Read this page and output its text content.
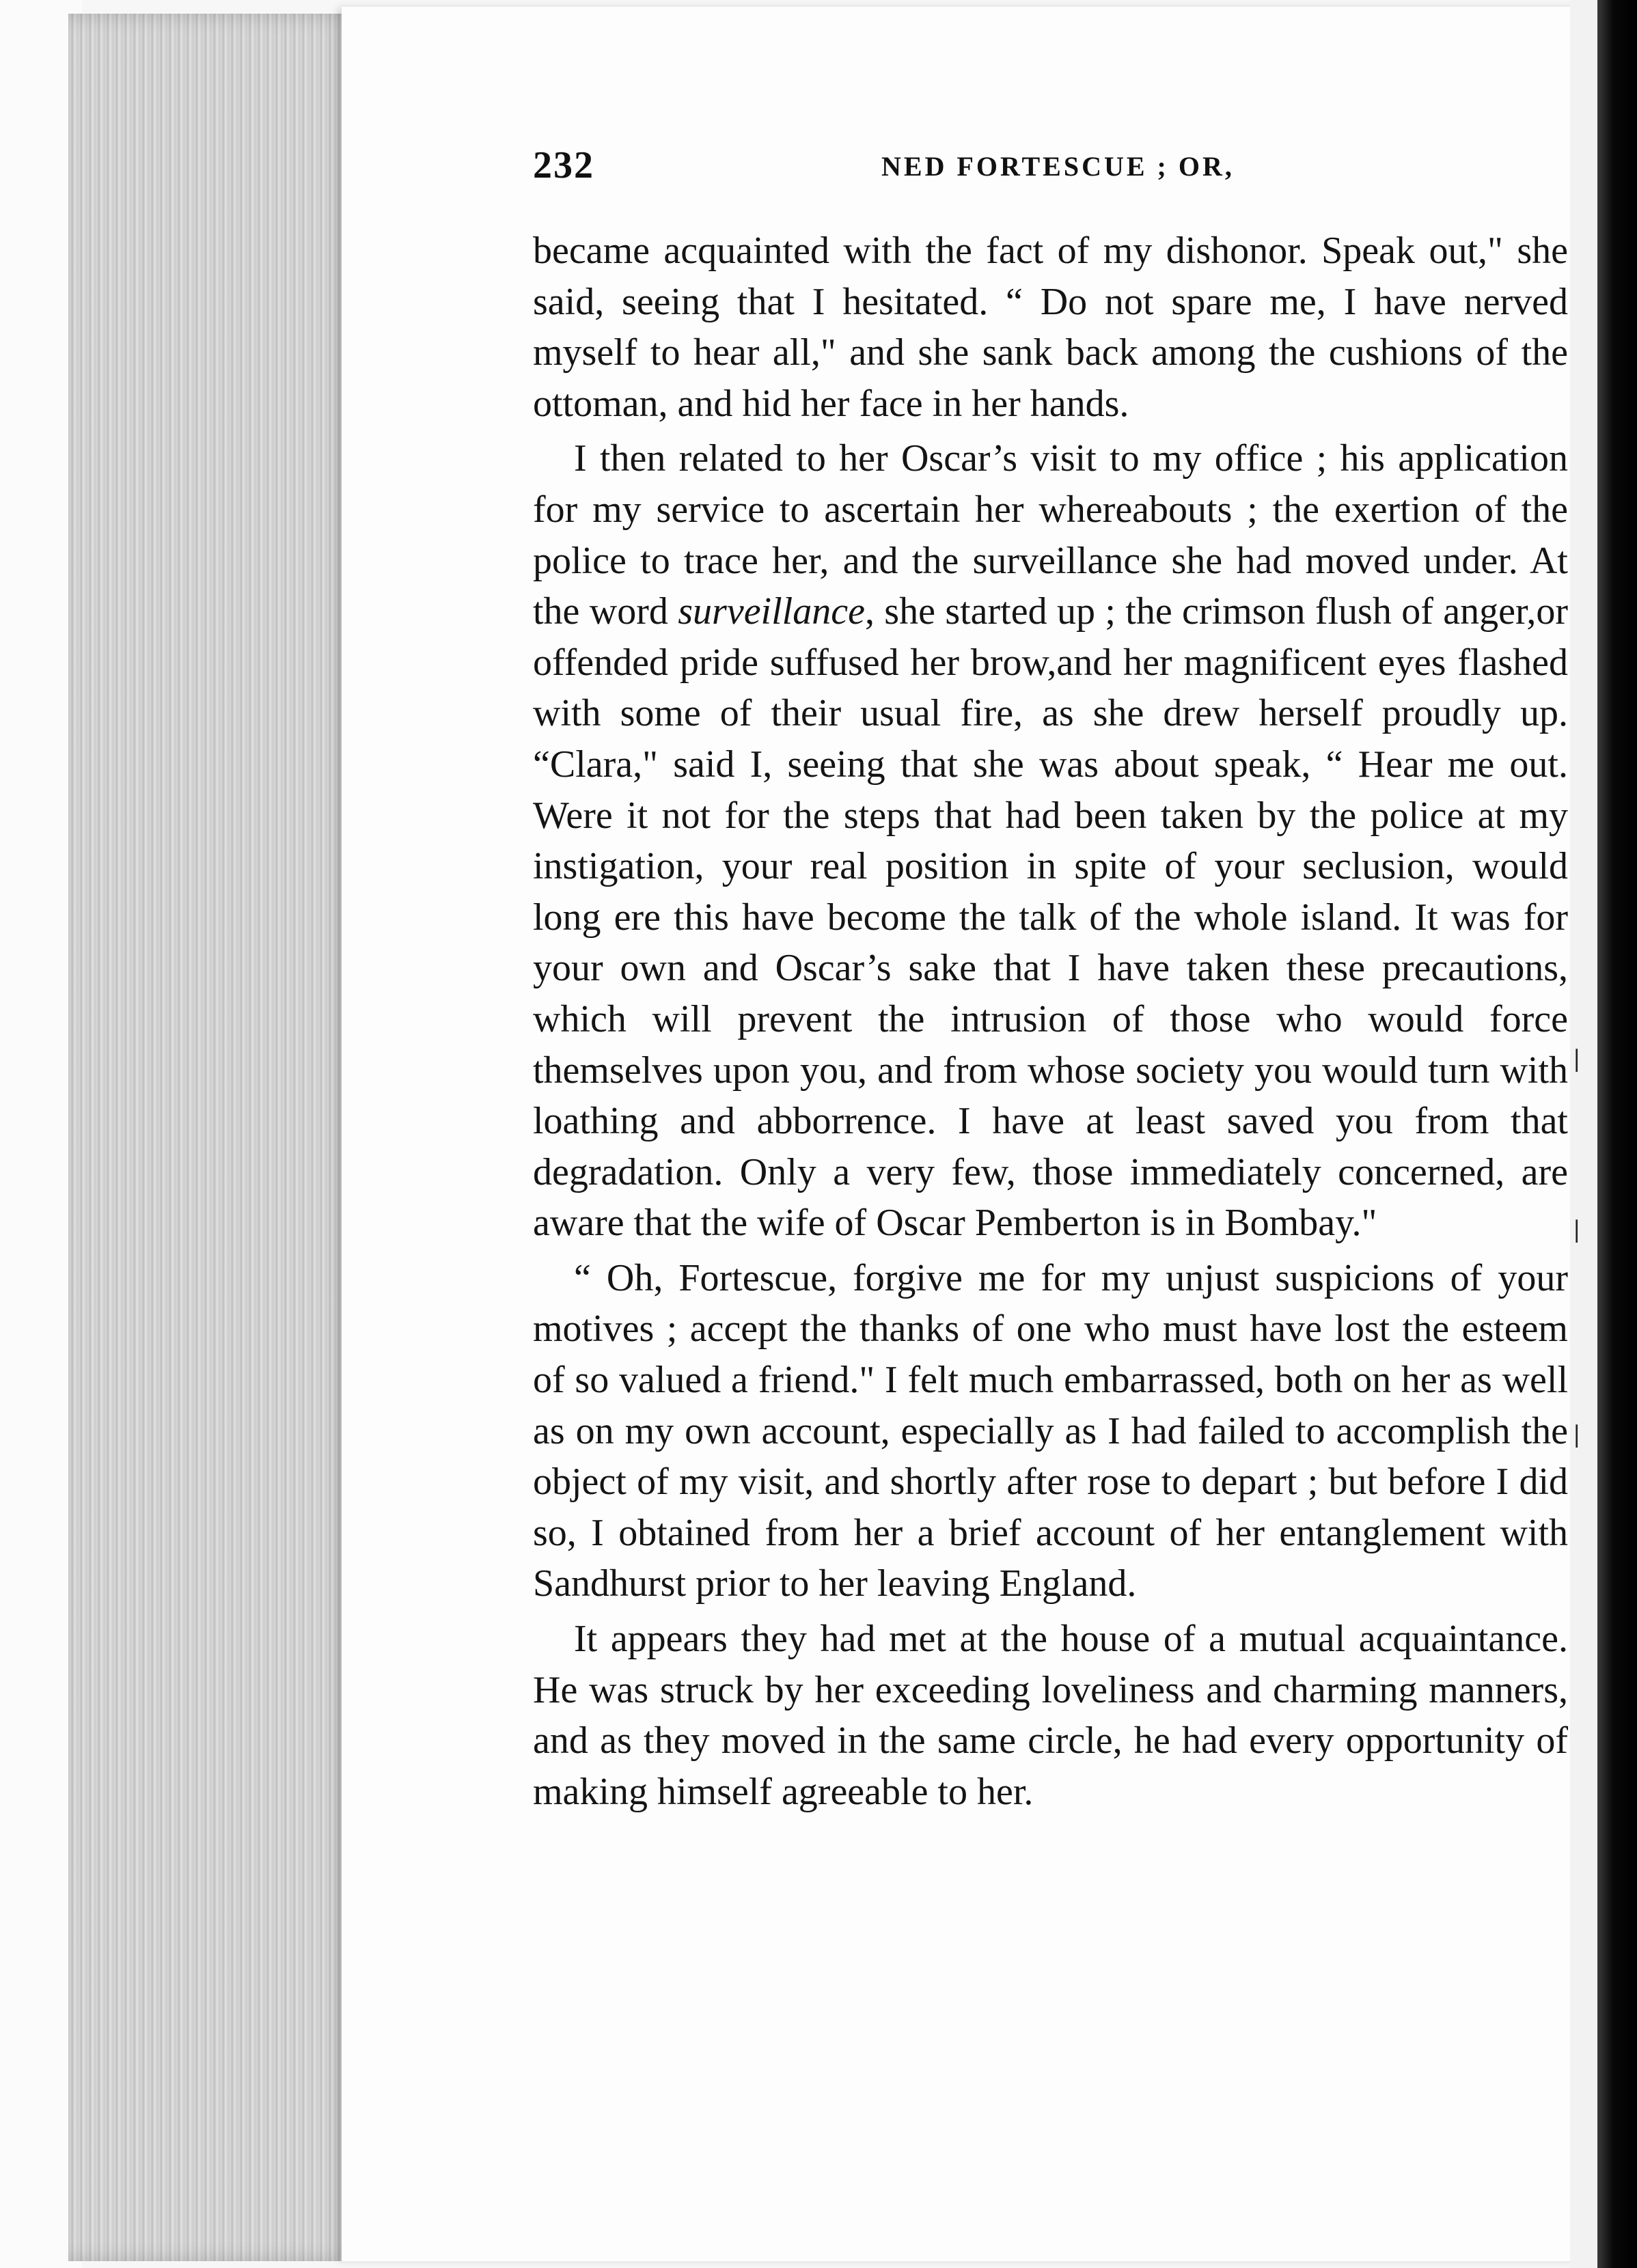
|
|
|
232	NED FORTESCUE ; OR,

became acquainted with the fact of my dishonor. Speak out," she said, seeing that I hesitated. “ Do not spare me, I have nerved myself to hear all," and she sank back among the cushions of the ottoman, and hid her face in her hands.

I then related to her Oscar’s visit to my office ; his application for my service to ascertain her whereabouts ; the exertion of the police to trace her, and the surveillance she had moved under. At the word surveillance, she started up ; the crimson flush of anger,or offended pride suffused her brow,and her magnificent eyes flashed with some of their usual fire, as she drew herself proudly up. “Clara," said I, seeing that she was about speak, “ Hear me out. Were it not for the steps that had been taken by the police at my instigation, your real position in spite of your seclusion, would long ere this have become the talk of the whole island. It was for your own and Oscar’s sake that I have taken these precautions, which will prevent the intrusion of those who would force themselves upon you, and from whose society you would turn with loathing and abborrence. I have at least saved you from that degradation. Only a very few, those immediately concerned, are aware that the wife of Oscar Pemberton is in Bombay."

“ Oh, Fortescue, forgive me for my unjust suspicions of your motives ; accept the thanks of one who must have lost the esteem of so valued a friend." I felt much embarrassed, both on her as well as on my own account, especially as I had failed to accomplish the object of my visit, and shortly after rose to depart ; but before I did so, I obtained from her a brief account of her entanglement with Sandhurst prior to her leaving England.

It appears they had met at the house of a mutual acquaintance. He was struck by her exceeding loveliness and charming manners, and as they moved in the same circle, he had every opportunity of making himself agreeable to her.
